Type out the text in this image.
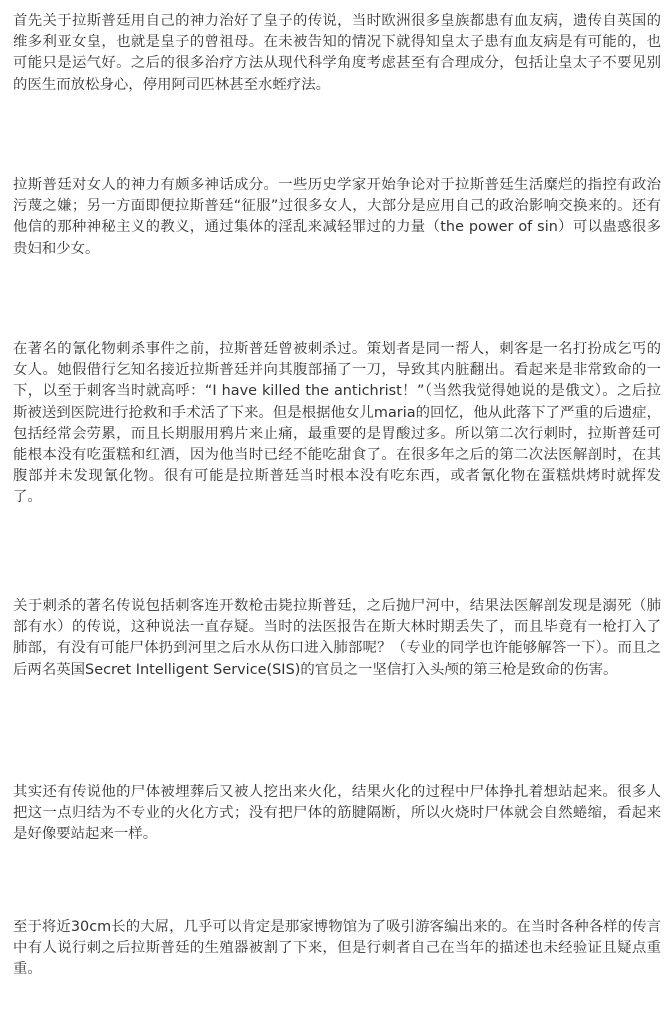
首先关于拉斯普廷用自己的神力治好了皇子的传说，当时欧洲很多皇族都患有血友病，遗传自英国的维多利亚女皇，也就是皇子的曾祖母。在未被告知的情况下就得知皇太子患有血友病是有可能的，也可能只是运气好。之后的很多治疗方法从现代科学角度考虑甚至有合理成分，包括让皇太子不要见别的医生而放松身心，停用阿司匹林甚至水蛭疗法。

拉斯普廷对女人的神力有颇多神话成分。一些历史学家开始争论对于拉斯普廷生活糜烂的指控有政治污蔑之嫌；另一方面即便拉斯普廷“征服”过很多女人，大部分是应用自己的政治影响交换来的。还有他信的那种神秘主义的教义，通过集体的淫乱来减轻罪过的力量（the power of sin）可以蛊惑很多贵妇和少女。

在著名的氰化物刺杀事件之前，拉斯普廷曾被刺杀过。策划者是同一帮人，刺客是一名打扮成乞丐的女人。她假借行乞知名接近拉斯普廷并向其腹部捅了一刀，导致其内脏翻出。看起来是非常致命的一下，以至于刺客当时就高呼：“I have killed the antichrist！”（当然我觉得她说的是俄文）。之后拉斯被送到医院进行抢救和手术活了下来。但是根据他女儿maria的回忆，他从此落下了严重的后遗症，包括经常会劳累，而且长期服用鸦片来止痛，最重要的是胃酸过多。所以第二次行刺时，拉斯普廷可能根本没有吃蛋糕和红酒，因为他当时已经不能吃甜食了。在很多年之后的第二次法医解剖时，在其腹部并未发现氰化物。很有可能是拉斯普廷当时根本没有吃东西，或者氰化物在蛋糕烘烤时就挥发了。

关于刺杀的著名传说包括刺客连开数枪击毙拉斯普廷，之后抛尸河中，结果法医解剖发现是溺死（肺部有水）的传说，这种说法一直存疑。当时的法医报告在斯大林时期丢失了，而且毕竟有一枪打入了肺部，有没有可能尸体扔到河里之后水从伤口进入肺部呢？（专业的同学也许能够解答一下）。而且之后两名英国Secret Intelligent Service(SIS)的官员之一坚信打入头颅的第三枪是致命的伤害。

其实还有传说他的尸体被埋葬后又被人挖出来火化，结果火化的过程中尸体挣扎着想站起来。很多人把这一点归结为不专业的火化方式；没有把尸体的筋腱隔断，所以火烧时尸体就会自然蜷缩，看起来是好像要站起来一样。

至于将近30cm长的大屌，几乎可以肯定是那家博物馆为了吸引游客编出来的。在当时各种各样的传言中有人说行刺之后拉斯普廷的生殖器被割了下来，但是行刺者自己在当年的描述也未经验证且疑点重重。
